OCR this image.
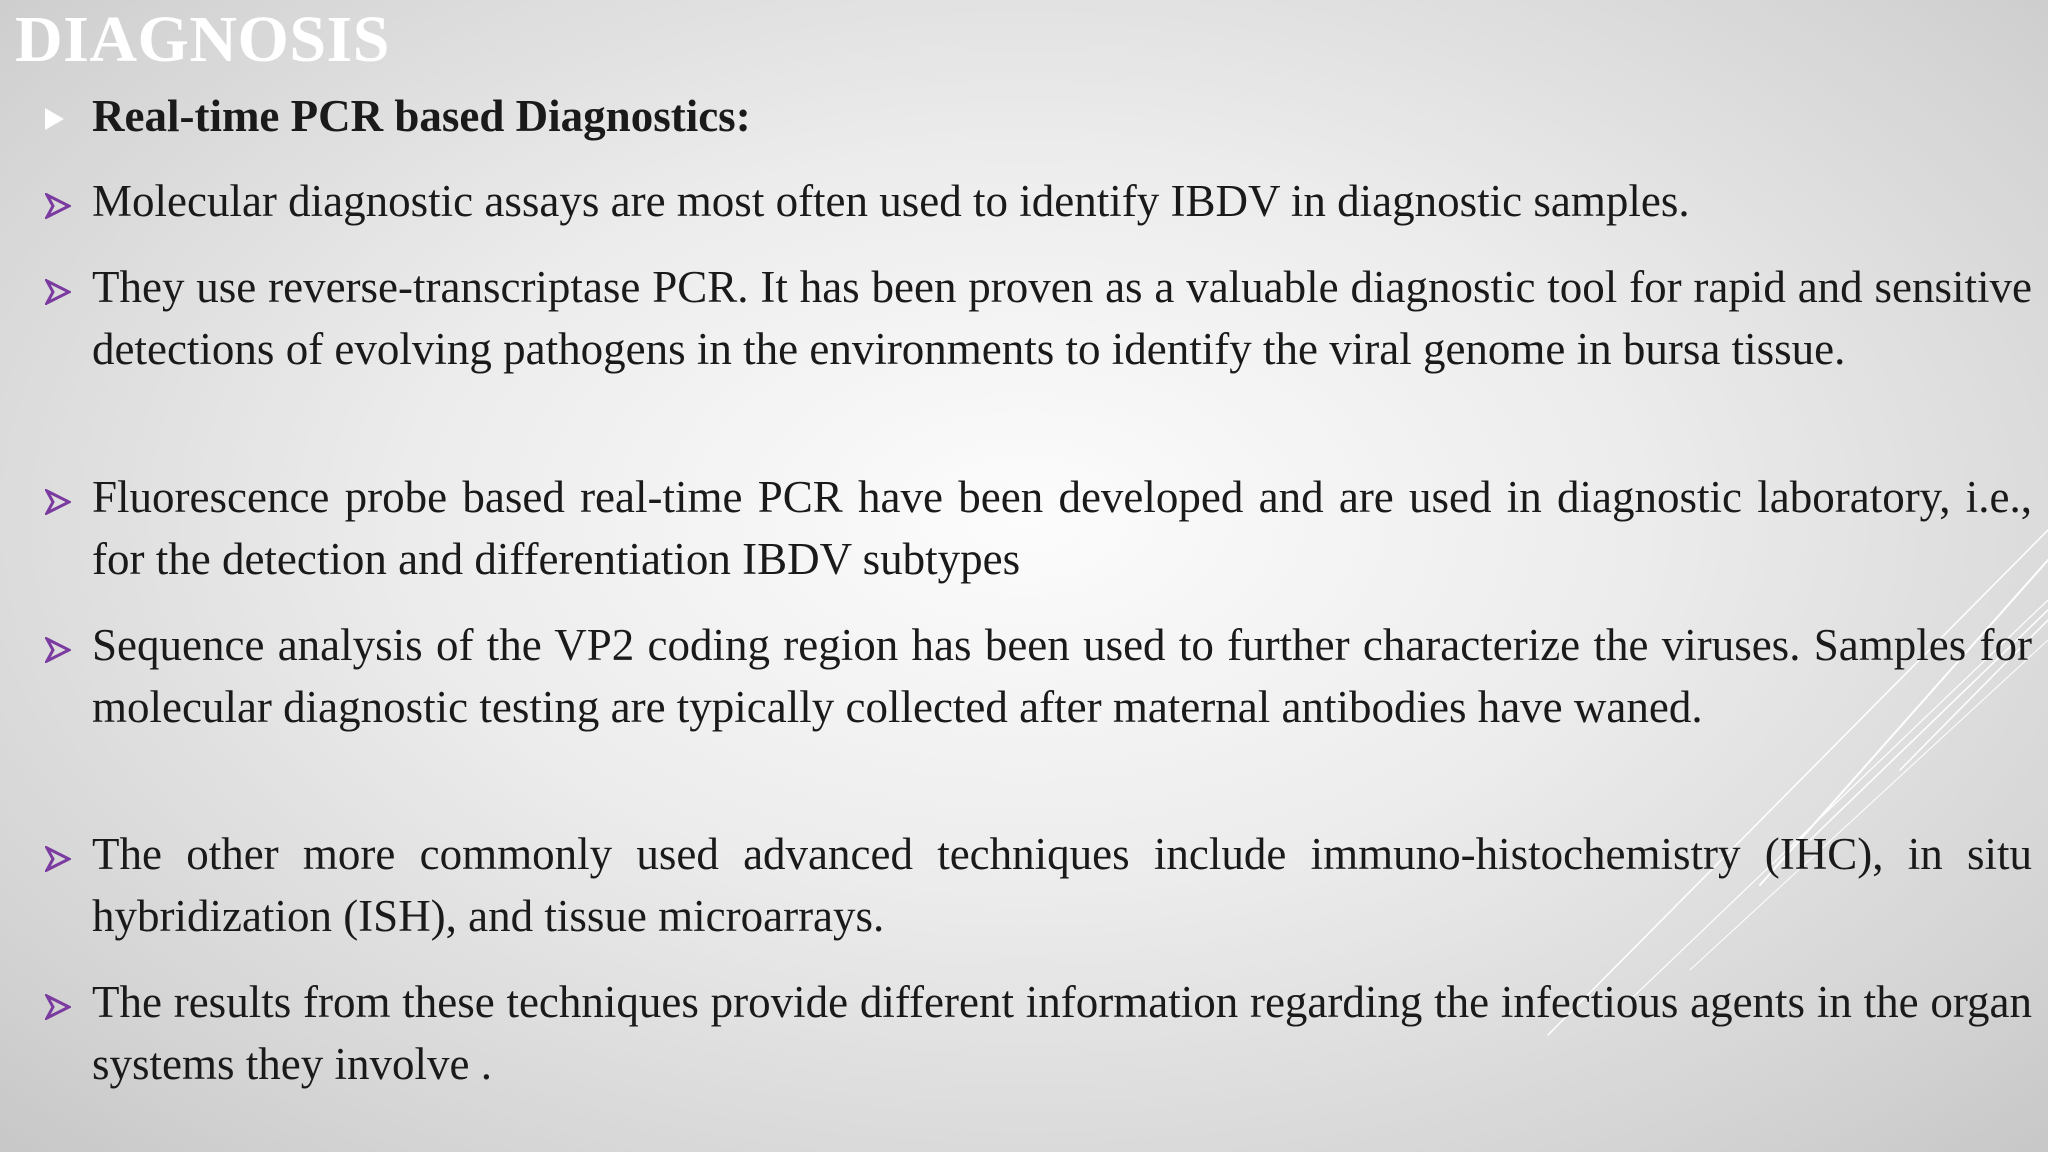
DIAGNOSIS
Real-time PCR based Diagnostics:
Molecular diagnostic assays are most often used to identify IBDV in diagnostic samples.
They use reverse-transcriptase PCR. It has been proven as a valuable diagnostic tool for rapid and sensitive detections of evolving pathogens in the environments to identify the viral genome in bursa tissue.
Fluorescence probe based real-time PCR have been developed and are used in diagnostic laboratory, i.e., for the detection and differentiation IBDV subtypes
Sequence analysis of the VP2 coding region has been used to further characterize the viruses. Samples for molecular diagnostic testing are typically collected after maternal antibodies have waned.
The other more commonly used advanced techniques include immuno-histochemistry (IHC), in situ hybridization (ISH), and tissue microarrays.
The results from these techniques provide different information regarding the infectious agents in the organ systems they involve .
